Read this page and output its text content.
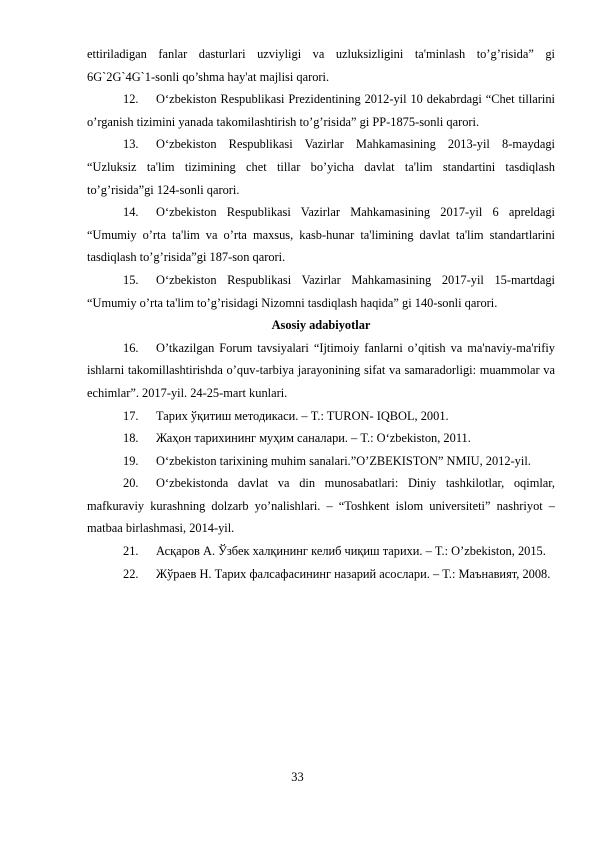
ettiriladigan fanlar dasturlari uzviyligi va uzluksizligini ta'minlash to’g’risida” gi 6G`2G`4G`1-sonli qo’shma hay'at majlisi qarori.

12. O‘zbekiston Respublikasi Prezidentining 2012-yil 10 dekabrdagi “Chet tillarini o’rganish tizimini yanada takomilashtirish to’g’risida” gi PP-1875-sonli qarori.

13. O‘zbekiston Respublikasi Vazirlar Mahkamasining 2013-yil 8-maydagi “Uzluksiz ta'lim tizimining chet tillar bo’yicha davlat ta'lim standartini tasdiqlash to’g’risida”gi 124-sonli qarori.

14. O‘zbekiston Respublikasi Vazirlar Mahkamasining 2017-yil 6 apreldagi “Umumiy o’rta ta'lim va o’rta maxsus, kasb-hunar ta'limining davlat ta'lim standartlarini tasdiqlash to’g’risida”gi 187-son qarori.

15. O‘zbekiston Respublikasi Vazirlar Mahkamasining 2017-yil 15-martdagi “Umumiy o’rta ta'lim to’g’risidagi Nizomni tasdiqlash haqida” gi 140-sonli qarori.

Asosiy adabiyotlar

16. O’tkazilgan Forum tavsiyalari “Ijtimoiy fanlarni o’qitish va ma'naviy-ma'rifiy ishlarni takomillashtirishda o’quv-tarbiya jarayonining sifat va samaradorligi: muammolar va echimlar”. 2017-yil. 24-25-mart kunlari.

17. Тарих ўқитиш методикаси. – T.: TURON- IQBOL, 2001.

18. Жаҳон тарихининг муҳим саналари. – T.: O‘zbekiston, 2011.

19. O‘zbekiston tarixining muhim sanalari.”O’ZBEKISTON” NMIU, 2012-yil.

20. O‘zbekistonda davlat va din munosabatlari: Diniy tashkilotlar, oqimlar, mafkuraviy kurashning dolzarb yo’nalishlari. – “Toshkent islom universiteti” nashriyot –matbaa birlashmasi, 2014-yil.

21. Асқаров А. Ўзбек халқининг келиб чиқиш тарихи. – T.: O’zbekiston, 2015.

22. Жўраев Н. Тарих фалсафасининг назарий асослари. – T.: Маънавият, 2008.

33
